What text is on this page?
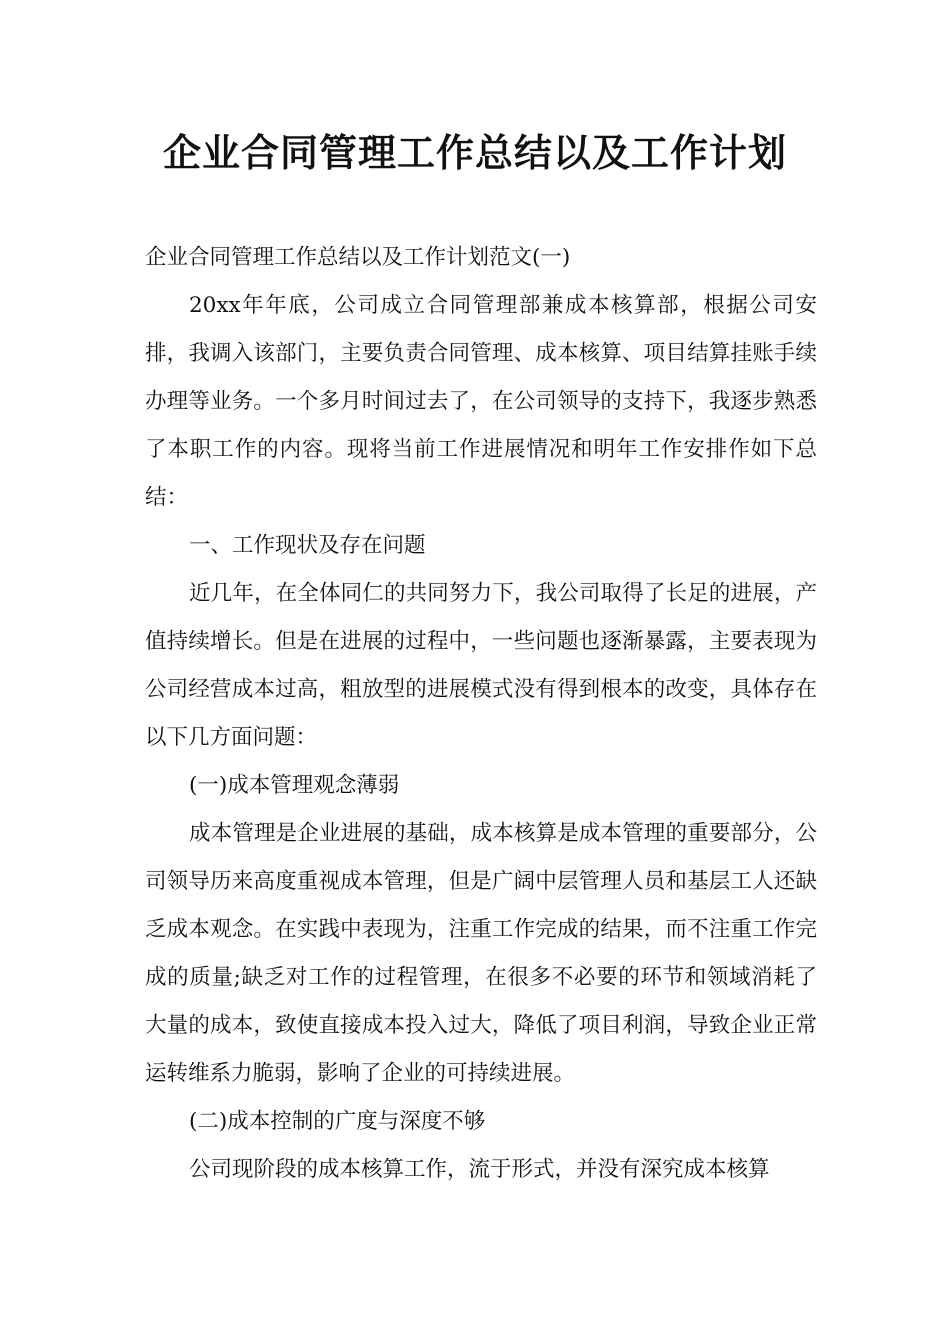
企业合同管理工作总结以及工作计划

企业合同管理工作总结以及工作计划范文(一)

20xx年年底，公司成立合同管理部兼成本核算部，根据公司安排，我调入该部门，主要负责合同管理、成本核算、项目结算挂账手续办理等业务。一个多月时间过去了，在公司领导的支持下，我逐步熟悉了本职工作的内容。现将当前工作进展情况和明年工作安排作如下总结：

一、工作现状及存在问题

近几年，在全体同仁的共同努力下，我公司取得了长足的进展，产值持续增长。但是在进展的过程中，一些问题也逐渐暴露，主要表现为公司经营成本过高，粗放型的进展模式没有得到根本的改变，具体存在以下几方面问题：

(一)成本管理观念薄弱

成本管理是企业进展的基础，成本核算是成本管理的重要部分，公司领导历来高度重视成本管理，但是广阔中层管理人员和基层工人还缺乏成本观念。在实践中表现为，注重工作完成的结果，而不注重工作完成的质量;缺乏对工作的过程管理，在很多不必要的环节和领域消耗了大量的成本，致使直接成本投入过大，降低了项目利润，导致企业正常运转维系力脆弱，影响了企业的可持续进展。

(二)成本控制的广度与深度不够

公司现阶段的成本核算工作，流于形式，并没有深究成本核算
